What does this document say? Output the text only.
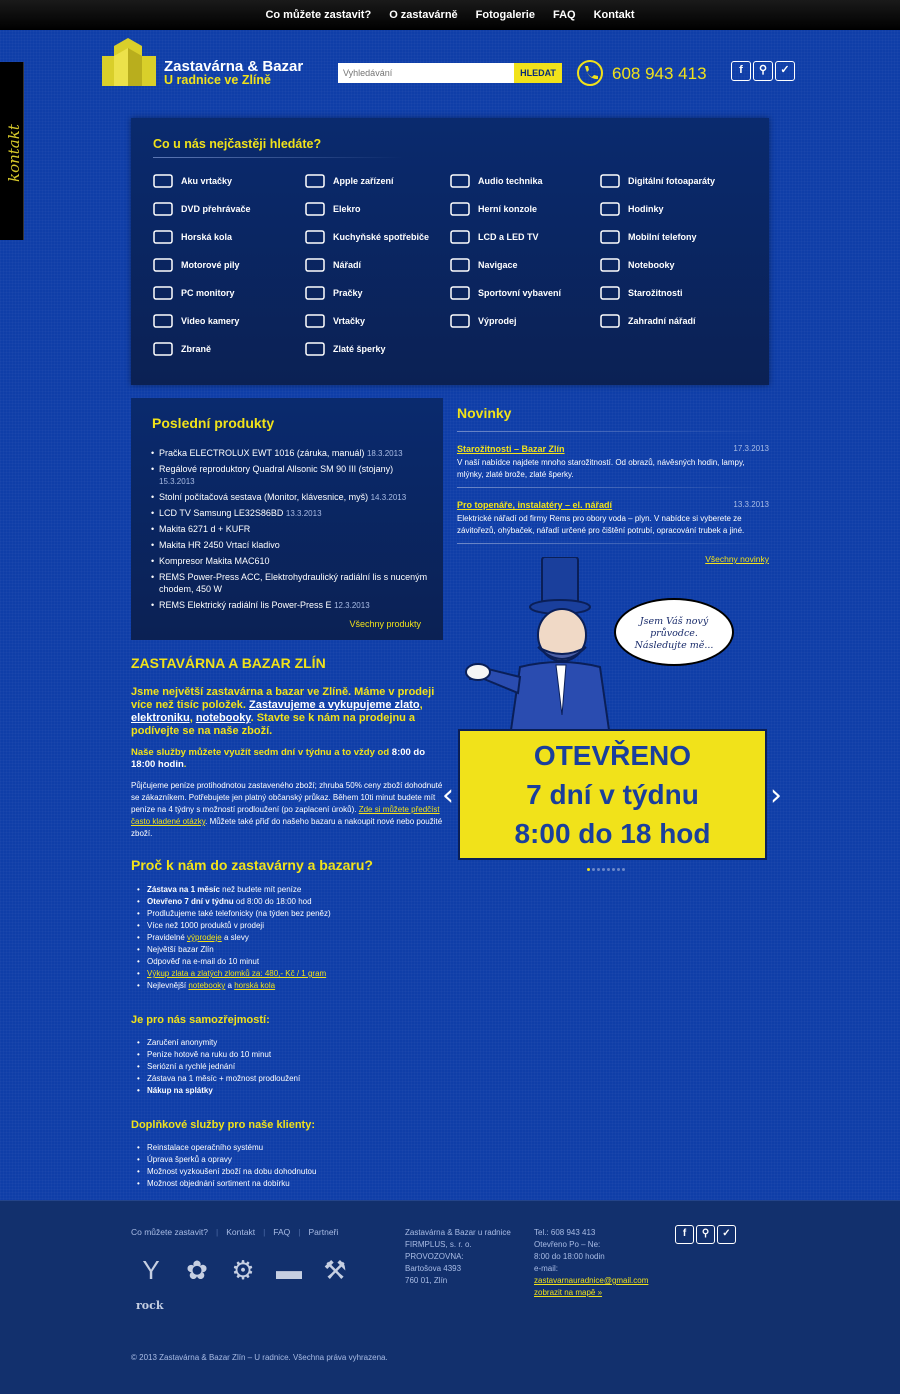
Co můžete zastavit? O zastavárně Fotogalerie FAQ Kontakt
kontakt
Zastavárna & Bazar
U radnice ve Zlíně
Vyhledávání	HLEDAT	608 943 413	f	⚲	✓
Co u nás nejčastěji hledáte?
Aku vrtačky	Apple zařízení	Audio technika	Digitální fotoaparáty
DVD přehrávače	Elekro	Herní konzole	Hodinky
Horská kola	Kuchyňské spotřebiče	LCD a LED TV	Mobilní telefony
Motorové pily	Nářadí	Navigace	Notebooky
PC monitory	Pračky	Sportovní vybavení	Starožitnosti
Video kamery	Vrtačky	Výprodej	Zahradní nářadí
Zbraně	Zlaté šperky
Poslední produkty
• Pračka ELECTROLUX EWT 1016 (záruka, manuál) 18.3.2013
• Regálové reproduktory Quadral Allsonic SM 90 III (stojany) 15.3.2013
• Stolní počítačová sestava (Monitor, klávesnice, myš) 14.3.2013
• LCD TV Samsung LE32S86BD 13.3.2013
• Makita 6271 d + KUFR
• Makita HR 2450 Vrtací kladivo
• Kompresor Makita MAC610
• REMS Power-Press ACC, Elektrohydraulický radiální lis s nuceným chodem, 450 W
• REMS Elektrický radiální lis Power-Press E 12.3.2013
Všechny produkty
Novinky
Starožitnosti – Bazar Zlín	17.3.2013
V naší nabídce najdete mnoho starožitností. Od obrazů, návěsných hodin, lampy, mlýnky, zlaté brože, zlaté šperky.
Pro topenáře, instalatéry – el. nářadí	13.3.2013
Elektrické nářadí od firmy Rems pro obory voda – plyn. V nabídce si vyberete ze závitořezů, ohýbaček, nářadí určené pro čištění potrubí, opracování trubek a jiné.
Všechny novinky
Jsem Váš nový
průvodce.
Následujte mě...
OTEVŘENO
7 dní v týdnu
8:00 do 18 hod
‹	›
ZASTAVÁRNA A BAZAR ZLÍN
Jsme největší zastavárna a bazar ve Zlíně. Máme v prodeji více než tisíc položek. Zastavujeme a vykupujeme zlato, elektroniku, notebooky. Stavte se k nám na prodejnu a podívejte se na naše zboží.
Naše služby můžete využít sedm dní v týdnu a to vždy od 8:00 do 18:00 hodin.
Půjčujeme peníze protihodnotou zastaveného zboží; zhruba 50% ceny zboží dohodnuté se zákazníkem. Potřebujete jen platný občanský průkaz. Během 10ti minut budete mít peníze na 4 týdny s možností prodloužení (po zaplacení úroků). Zde si můžete předčíst často kladené otázky. Můžete také přiď do našeho bazaru a nakoupit nové nebo použité zboží.
Proč k nám do zastavárny a bazaru?
• Zástava na 1 měsíc než budete mít peníze
• Otevřeno 7 dní v týdnu od 8:00 do 18:00 hod
• Prodlužujeme také telefonicky (na týden bez peněz)
• Více než 1000 produktů v prodeji
• Pravidelné výprodeje a slevy
• Největší bazar Zlín
• Odpověď na e-mail do 10 minut
• Výkup zlata a zlatých zlomků za: 480,- Kč / 1 gram
• Nejlevnější notebooky a horská kola
Je pro nás samozřejmostí:
• Zaručení anonymity
• Peníze hotově na ruku do 10 minut
• Seriózní a rychlé jednání
• Zástava na 1 měsíc + možnost prodloužení
• Nákup na splátky
Doplňkové služby pro naše klienty:
• Reinstalace operačního systému
• Úprava šperků a opravy
• Možnost vyzkoušení zboží na dobu dohodnutou
• Možnost objednání sortiment na dobírku
Co můžete zastavit? | Kontakt | FAQ | Partneři
Y	✿ ⚙ ▬ ⚒
rock
Zastavárna & Bazar u radnice
FIRMPLUS, s. r. o.
PROVOZOVNA:
Bartošova 4393
760 01, Zlín
Tel.: 608 943 413
Otevřeno Po – Ne:
8:00 do 18:00 hodin
e-mail:
zastavarnauradnice@gmail.com
zobrazit na mapě »
f	⚲	✓
© 2013 Zastavárna & Bazar Zlín – U radnice. Všechna práva vyhrazena.
